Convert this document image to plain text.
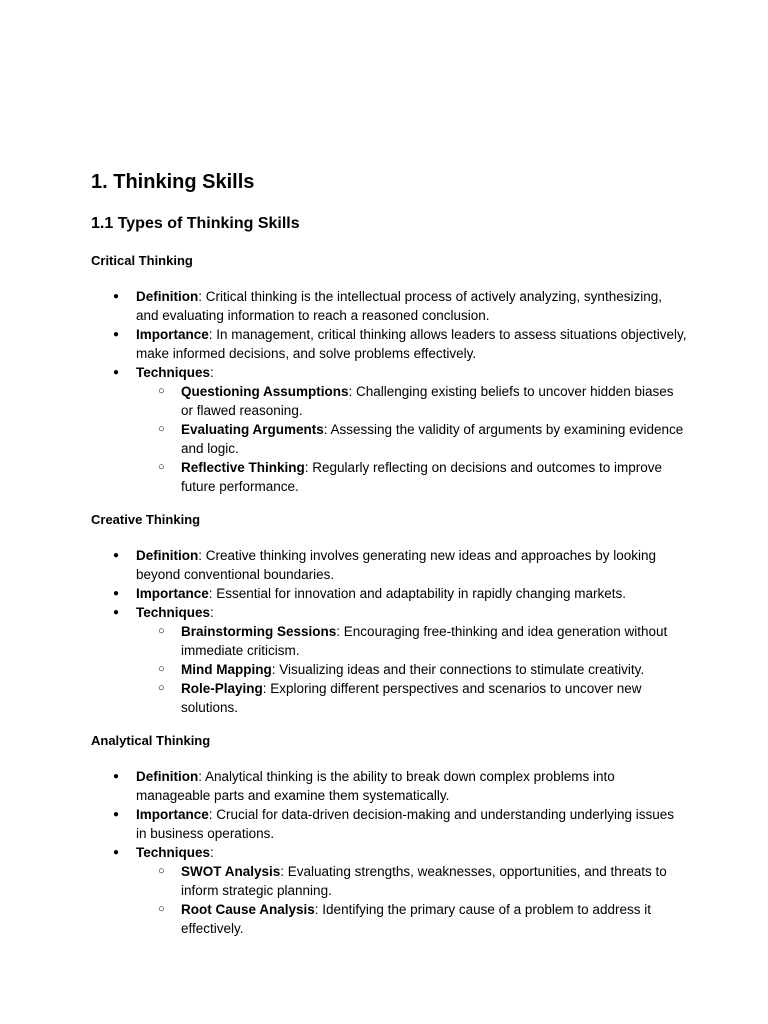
1. Thinking Skills
1.1 Types of Thinking Skills
Critical Thinking
● Definition: Critical thinking is the intellectual process of actively analyzing, synthesizing, and evaluating information to reach a reasoned conclusion.
● Importance: In management, critical thinking allows leaders to assess situations objectively, make informed decisions, and solve problems effectively.
● Techniques:
○ Questioning Assumptions: Challenging existing beliefs to uncover hidden biases or flawed reasoning.
○ Evaluating Arguments: Assessing the validity of arguments by examining evidence and logic.
○ Reflective Thinking: Regularly reflecting on decisions and outcomes to improve future performance.
Creative Thinking
● Definition: Creative thinking involves generating new ideas and approaches by looking beyond conventional boundaries.
● Importance: Essential for innovation and adaptability in rapidly changing markets.
● Techniques:
○ Brainstorming Sessions: Encouraging free-thinking and idea generation without immediate criticism.
○ Mind Mapping: Visualizing ideas and their connections to stimulate creativity.
○ Role-Playing: Exploring different perspectives and scenarios to uncover new solutions.
Analytical Thinking
● Definition: Analytical thinking is the ability to break down complex problems into manageable parts and examine them systematically.
● Importance: Crucial for data-driven decision-making and understanding underlying issues in business operations.
● Techniques:
○ SWOT Analysis: Evaluating strengths, weaknesses, opportunities, and threats to inform strategic planning.
○ Root Cause Analysis: Identifying the primary cause of a problem to address it effectively.
